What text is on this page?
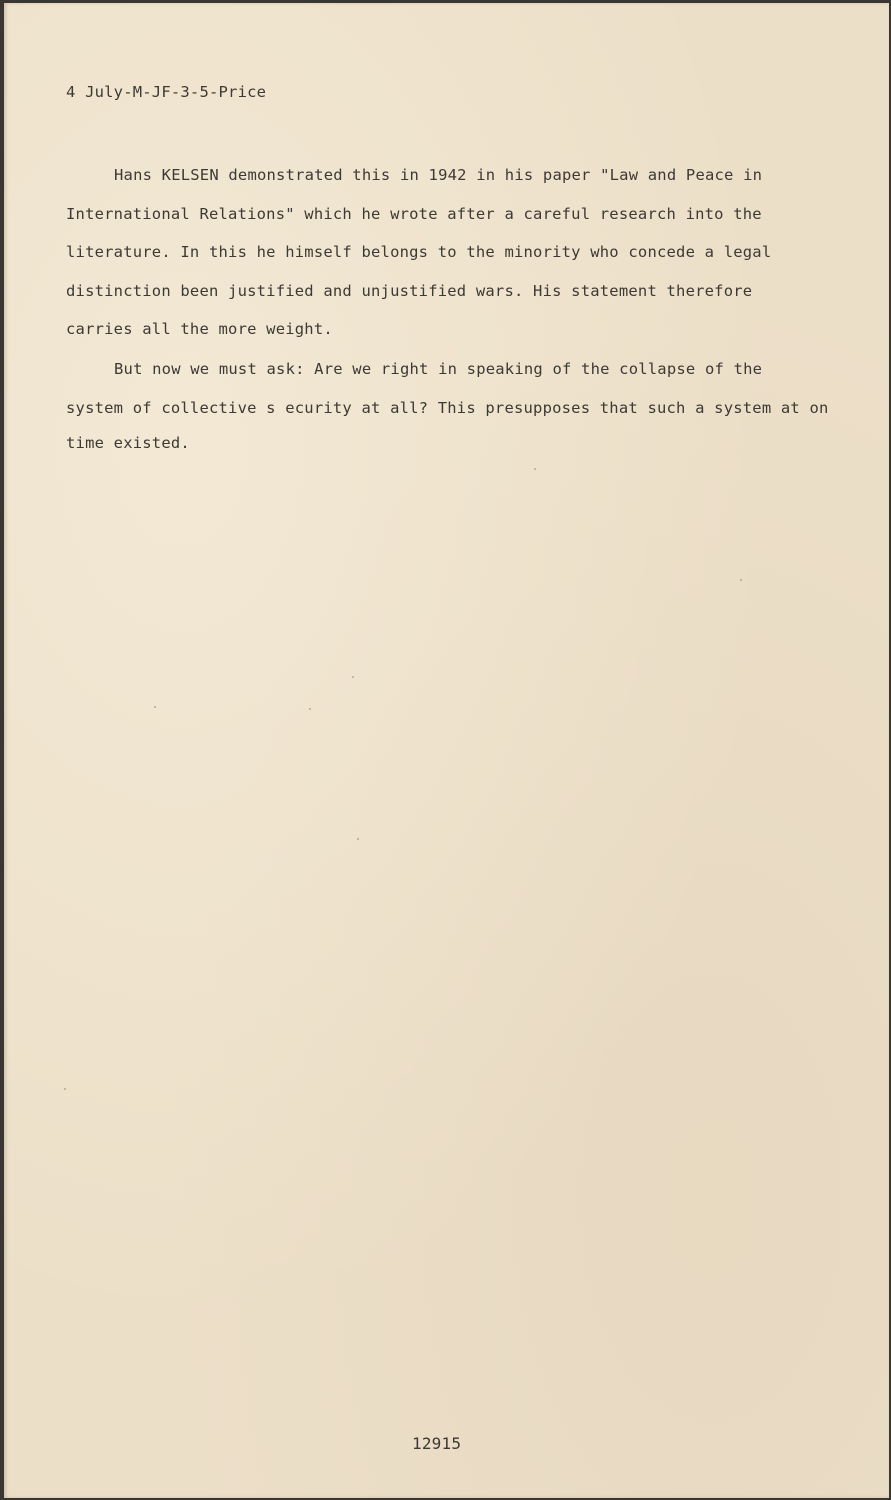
4 July-M-JF-3-5-Price
Hans KELSEN demonstrated this in 1942 in his paper "Law and Peace in
International Relations" which he wrote after a careful research into the
literature. In this he himself belongs to the minority who concede a legal
distinction been justified and unjustified wars. His statement therefore
carries all the more weight.
But now we must ask: Are we right in speaking of the collapse of the
system of collective s ecurity at all? This presupposes that such a system at on
time existed.
12915
